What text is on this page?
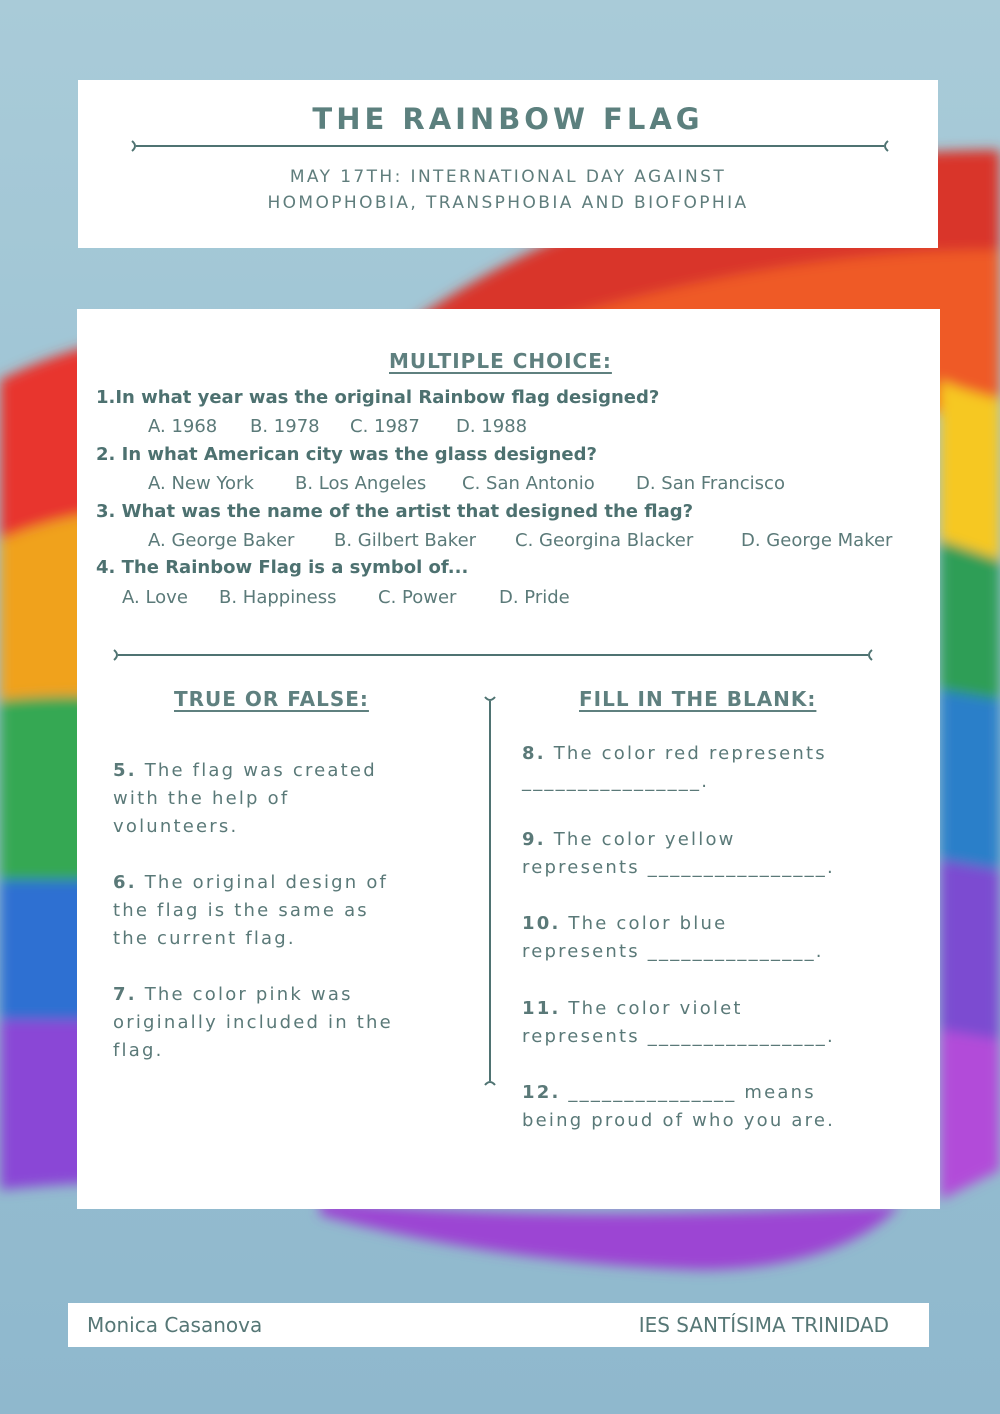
THE RAINBOW FLAG
MAY 17TH: INTERNATIONAL DAY AGAINST
HOMOPHOBIA, TRANSPHOBIA AND BIOFOPHIA
MULTIPLE CHOICE:
1.In what year was the original Rainbow flag designed?
A. 1968 B. 1978 C. 1987 D. 1988
2. In what American city was the glass designed?
A. New York B. Los Angeles C. San Antonio D. San Francisco
3. What was the name of the artist that designed the flag?
A. George Baker B. Gilbert Baker C. Georgina Blacker	D. George Maker
4. The Rainbow Flag is a symbol of...
A. Love B. Happiness C. Power D. Pride
TRUE OR FALSE:	FILL IN THE BLANK:
5. The flag was created
with the help of
volunteers.
6. The original design of
the flag is the same as
the current flag.
7. The color pink was
originally included in the
flag.
8. The color red represents
________________.
9. The color yellow
represents ________________.
10. The color blue
represents _______________.
11. The color violet
represents ________________.
12. _______________ means
being proud of who you are.
Monica Casanova	IES SANTÍSIMA TRINIDAD
